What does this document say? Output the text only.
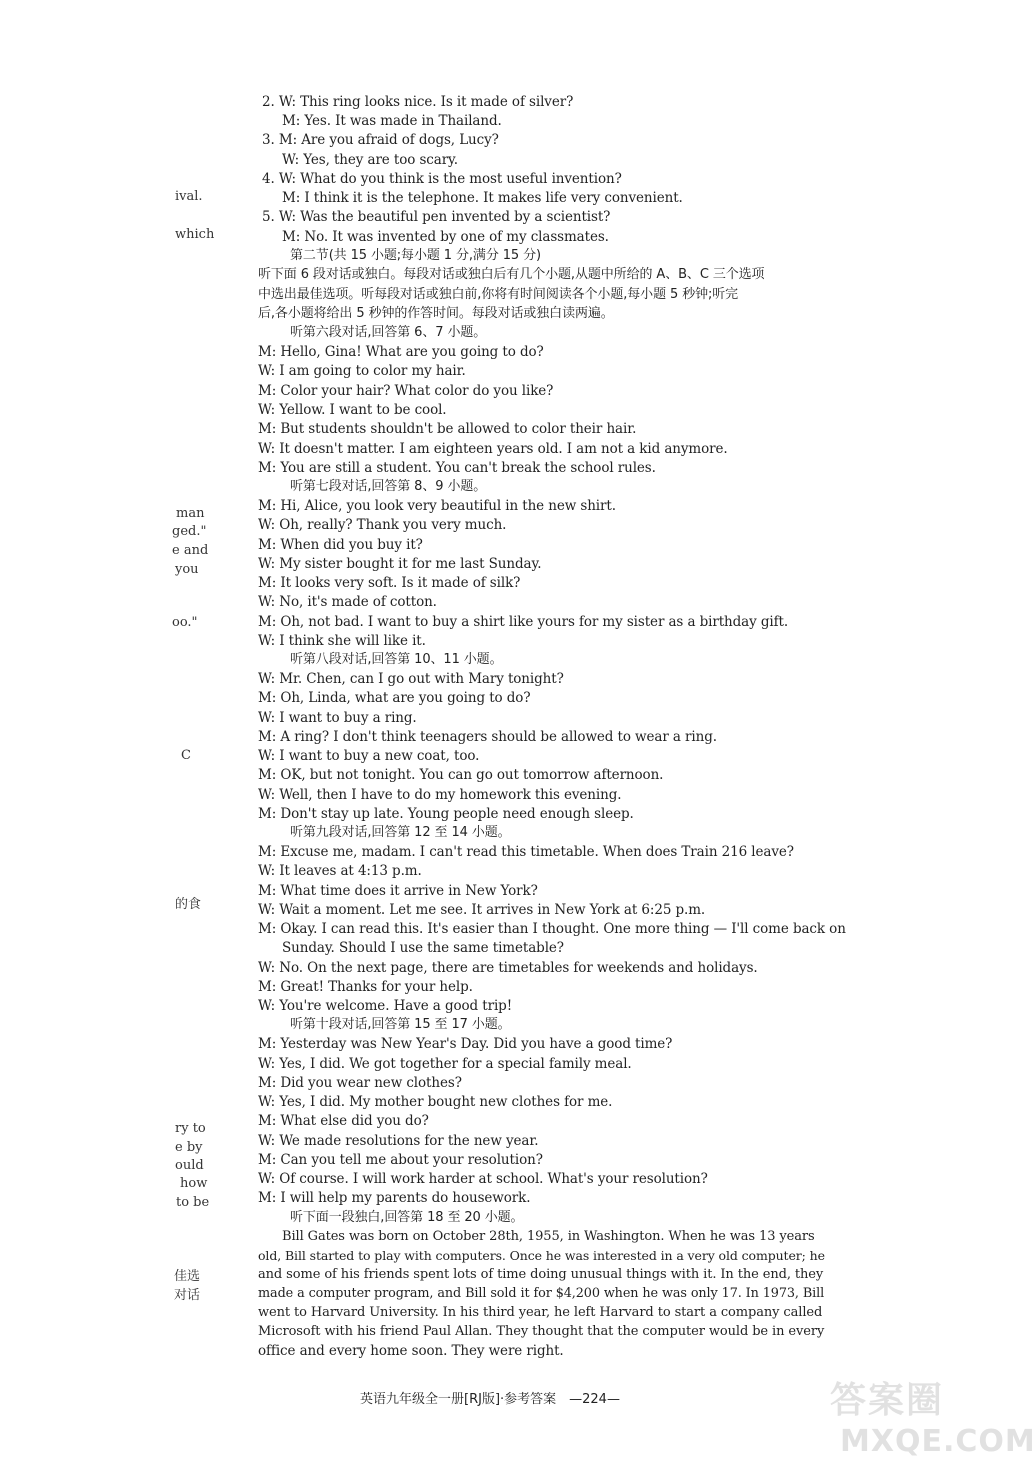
2. W: This ring looks nice. Is it made of silver?
M: Yes. It was made in Thailand.
3. M: Are you afraid of dogs, Lucy?
W: Yes, they are too scary.
4. W: What do you think is the most useful invention?
M: I think it is the telephone. It makes life very convenient.
5. W: Was the beautiful pen invented by a scientist?
M: No. It was invented by one of my classmates.
第二节(共 15 小题;每小题 1 分,满分 15 分)
听下面 6 段对话或独白。每段对话或独白后有几个小题,从题中所给的 A、B、C 三个选项
中选出最佳选项。听每段对话或独白前,你将有时间阅读各个小题,每小题 5 秒钟;听完
后,各小题将给出 5 秒钟的作答时间。每段对话或独白读两遍。
听第六段对话,回答第 6、7 小题。
M: Hello, Gina! What are you going to do?
W: I am going to color my hair.
M: Color your hair? What color do you like?
W: Yellow. I want to be cool.
M: But students shouldn't be allowed to color their hair.
W: It doesn't matter. I am eighteen years old. I am not a kid anymore.
M: You are still a student. You can't break the school rules.
听第七段对话,回答第 8、9 小题。
M: Hi, Alice, you look very beautiful in the new shirt.
W: Oh, really? Thank you very much.
M: When did you buy it?
W: My sister bought it for me last Sunday.
M: It looks very soft. Is it made of silk?
W: No, it's made of cotton.
M: Oh, not bad. I want to buy a shirt like yours for my sister as a birthday gift.
W: I think she will like it.
听第八段对话,回答第 10、11 小题。
W: Mr. Chen, can I go out with Mary tonight?
M: Oh, Linda, what are you going to do?
W: I want to buy a ring.
M: A ring? I don't think teenagers should be allowed to wear a ring.
W: I want to buy a new coat, too.
M: OK, but not tonight. You can go out tomorrow afternoon.
W: Well, then I have to do my homework this evening.
M: Don't stay up late. Young people need enough sleep.
听第九段对话,回答第 12 至 14 小题。
M: Excuse me, madam. I can't read this timetable. When does Train 216 leave?
W: It leaves at 4:13 p.m.
M: What time does it arrive in New York?
W: Wait a moment. Let me see. It arrives in New York at 6:25 p.m.
M: Okay. I can read this. It's easier than I thought. One more thing — I'll come back on
Sunday. Should I use the same timetable?
W: No. On the next page, there are timetables for weekends and holidays.
M: Great! Thanks for your help.
W: You're welcome. Have a good trip!
听第十段对话,回答第 15 至 17 小题。
M: Yesterday was New Year's Day. Did you have a good time?
W: Yes, I did. We got together for a special family meal.
M: Did you wear new clothes?
W: Yes, I did. My mother bought new clothes for me.
M: What else did you do?
W: We made resolutions for the new year.
M: Can you tell me about your resolution?
W: Of course. I will work harder at school. What's your resolution?
M: I will help my parents do housework.
听下面一段独白,回答第 18 至 20 小题。
Bill Gates was born on October 28th, 1955, in Washington. When he was 13 years
old, Bill started to play with computers. Once he was interested in a very old computer; he
and some of his friends spent lots of time doing unusual things with it. In the end, they
made a computer program, and Bill sold it for $4,200 when he was only 17. In 1973, Bill
went to Harvard University. In his third year, he left Harvard to start a company called
Microsoft with his friend Paul Allan. They thought that the computer would be in every
office and every home soon. They were right.
ival.
which
man
ged."
e and
you
oo."
C
的食
ry to
e by
ould
how
to be
佳选
对话
英语九年级全一册[RJ版]·参考答案　—224—	答案圈
MXQE.COM
